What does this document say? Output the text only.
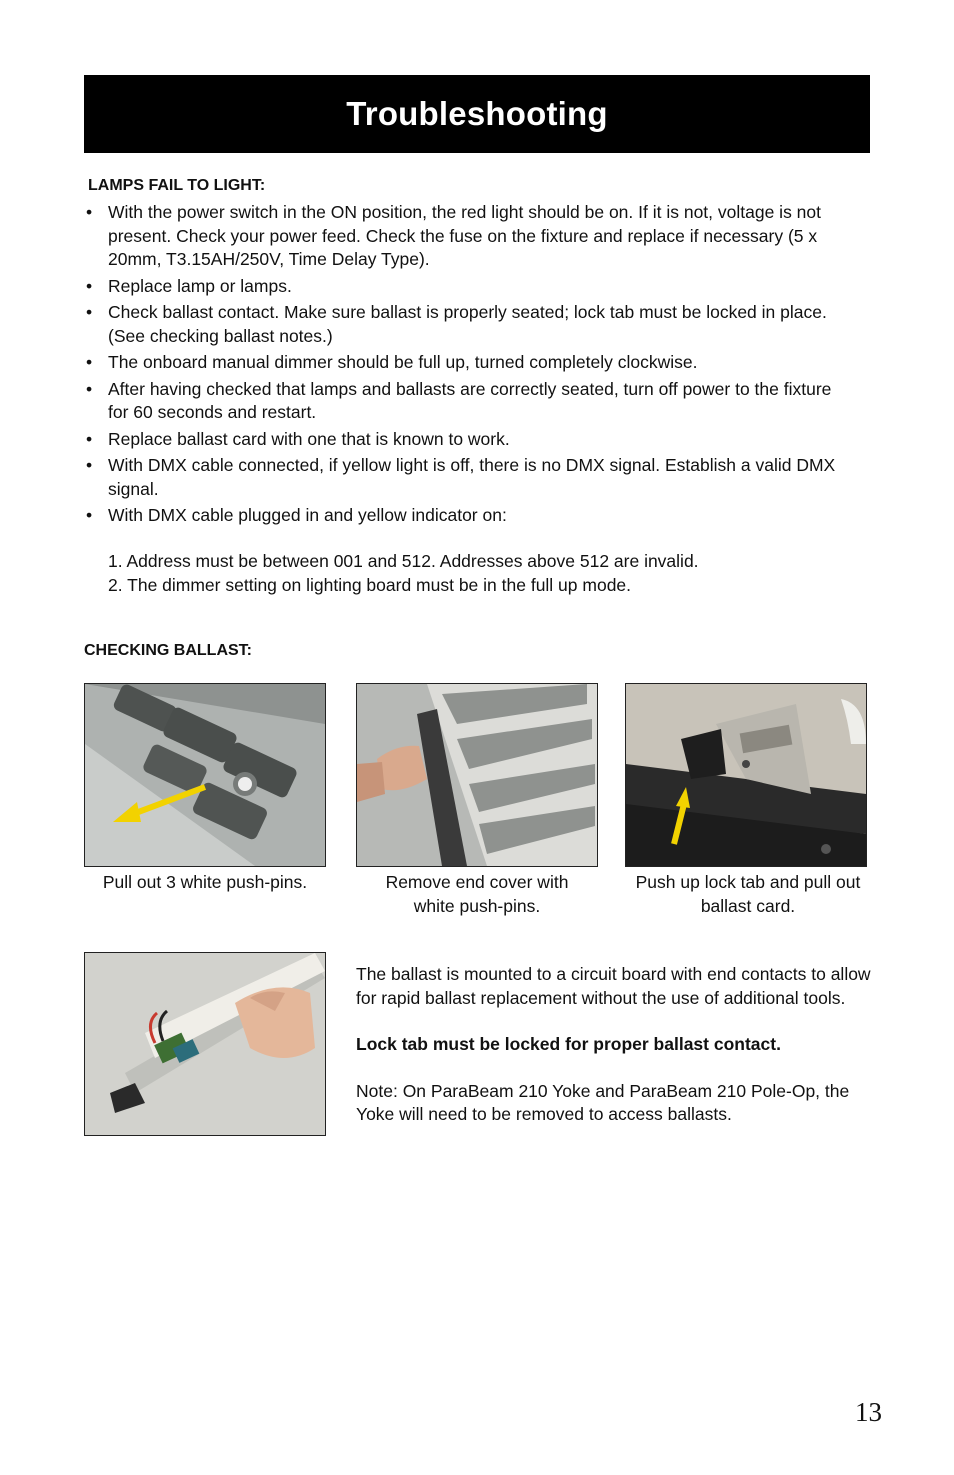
Troubleshooting
LAMPS FAIL TO LIGHT:
• With the power switch in the ON position, the red light should be on. If it is not, voltage is not present. Check your power feed. Check the fuse on the fixture and replace if necessary (5 x 20mm, T3.15AH/250V, Time Delay Type).
• Replace lamp or lamps.
• Check ballast contact. Make sure ballast is properly seated; lock tab must be locked in place. (See checking ballast notes.)
• The onboard manual dimmer should be full up, turned completely clockwise.
• After having checked that lamps and ballasts are correctly seated, turn off power to the fixture for 60 seconds and restart.
• Replace ballast card with one that is known to work.
• With DMX cable connected, if yellow light is off, there is no DMX signal. Establish a valid DMX signal.
• With DMX cable plugged in and yellow indicator on:
1. Address must be between 001 and 512. Addresses above 512 are invalid.
2. The dimmer setting on lighting board must be in the full up mode.
CHECKING BALLAST:
Pull out 3 white push-pins.	Remove end cover with white push-pins.
Push up lock tab and pull out ballast card.

The ballast is mounted to a circuit board with end contacts to allow for rapid ballast replacement without the use of additional tools.

Lock tab must be locked for proper ballast contact.

Note: On ParaBeam 210 Yoke and ParaBeam 210 Pole-Op, the Yoke will need to be removed to access ballasts.

13
